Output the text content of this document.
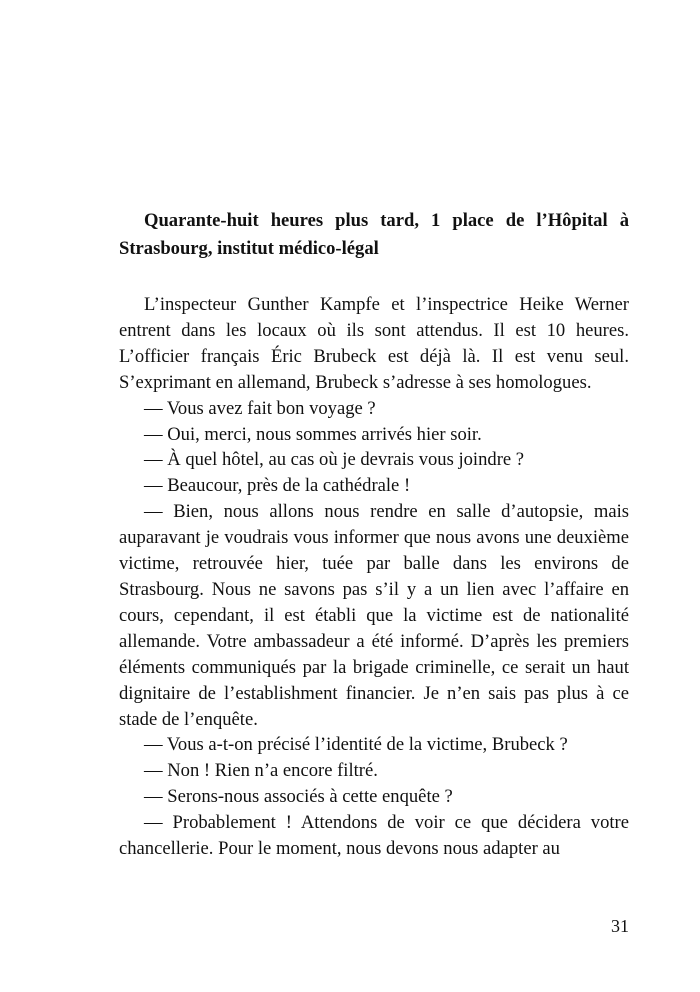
Quarante-huit heures plus tard, 1 place de l’Hôpital à Strasbourg, institut médico-légal

L’inspecteur Gunther Kampfe et l’inspectrice Heike Werner entrent dans les locaux où ils sont attendus. Il est 10 heures. L’officier français Éric Brubeck est déjà là. Il est venu seul. S’exprimant en allemand, Brubeck s’adresse à ses homologues.

— Vous avez fait bon voyage ?

— Oui, merci, nous sommes arrivés hier soir.

— À quel hôtel, au cas où je devrais vous joindre ?

— Beaucour, près de la cathédrale !

— Bien, nous allons nous rendre en salle d’autopsie, mais auparavant je voudrais vous informer que nous avons une deuxième victime, retrouvée hier, tuée par balle dans les environs de Strasbourg. Nous ne savons pas s’il y a un lien avec l’affaire en cours, cependant, il est établi que la victime est de nationalité allemande. Votre ambassadeur a été informé. D’après les premiers éléments communiqués par la brigade criminelle, ce serait un haut dignitaire de l’establishment financier. Je n’en sais pas plus à ce stade de l’enquête.

— Vous a-t-on précisé l’identité de la victime, Brubeck ?

— Non ! Rien n’a encore filtré.

— Serons-nous associés à cette enquête ?

— Probablement ! Attendons de voir ce que décidera votre chancellerie. Pour le moment, nous devons nous adapter au

31
